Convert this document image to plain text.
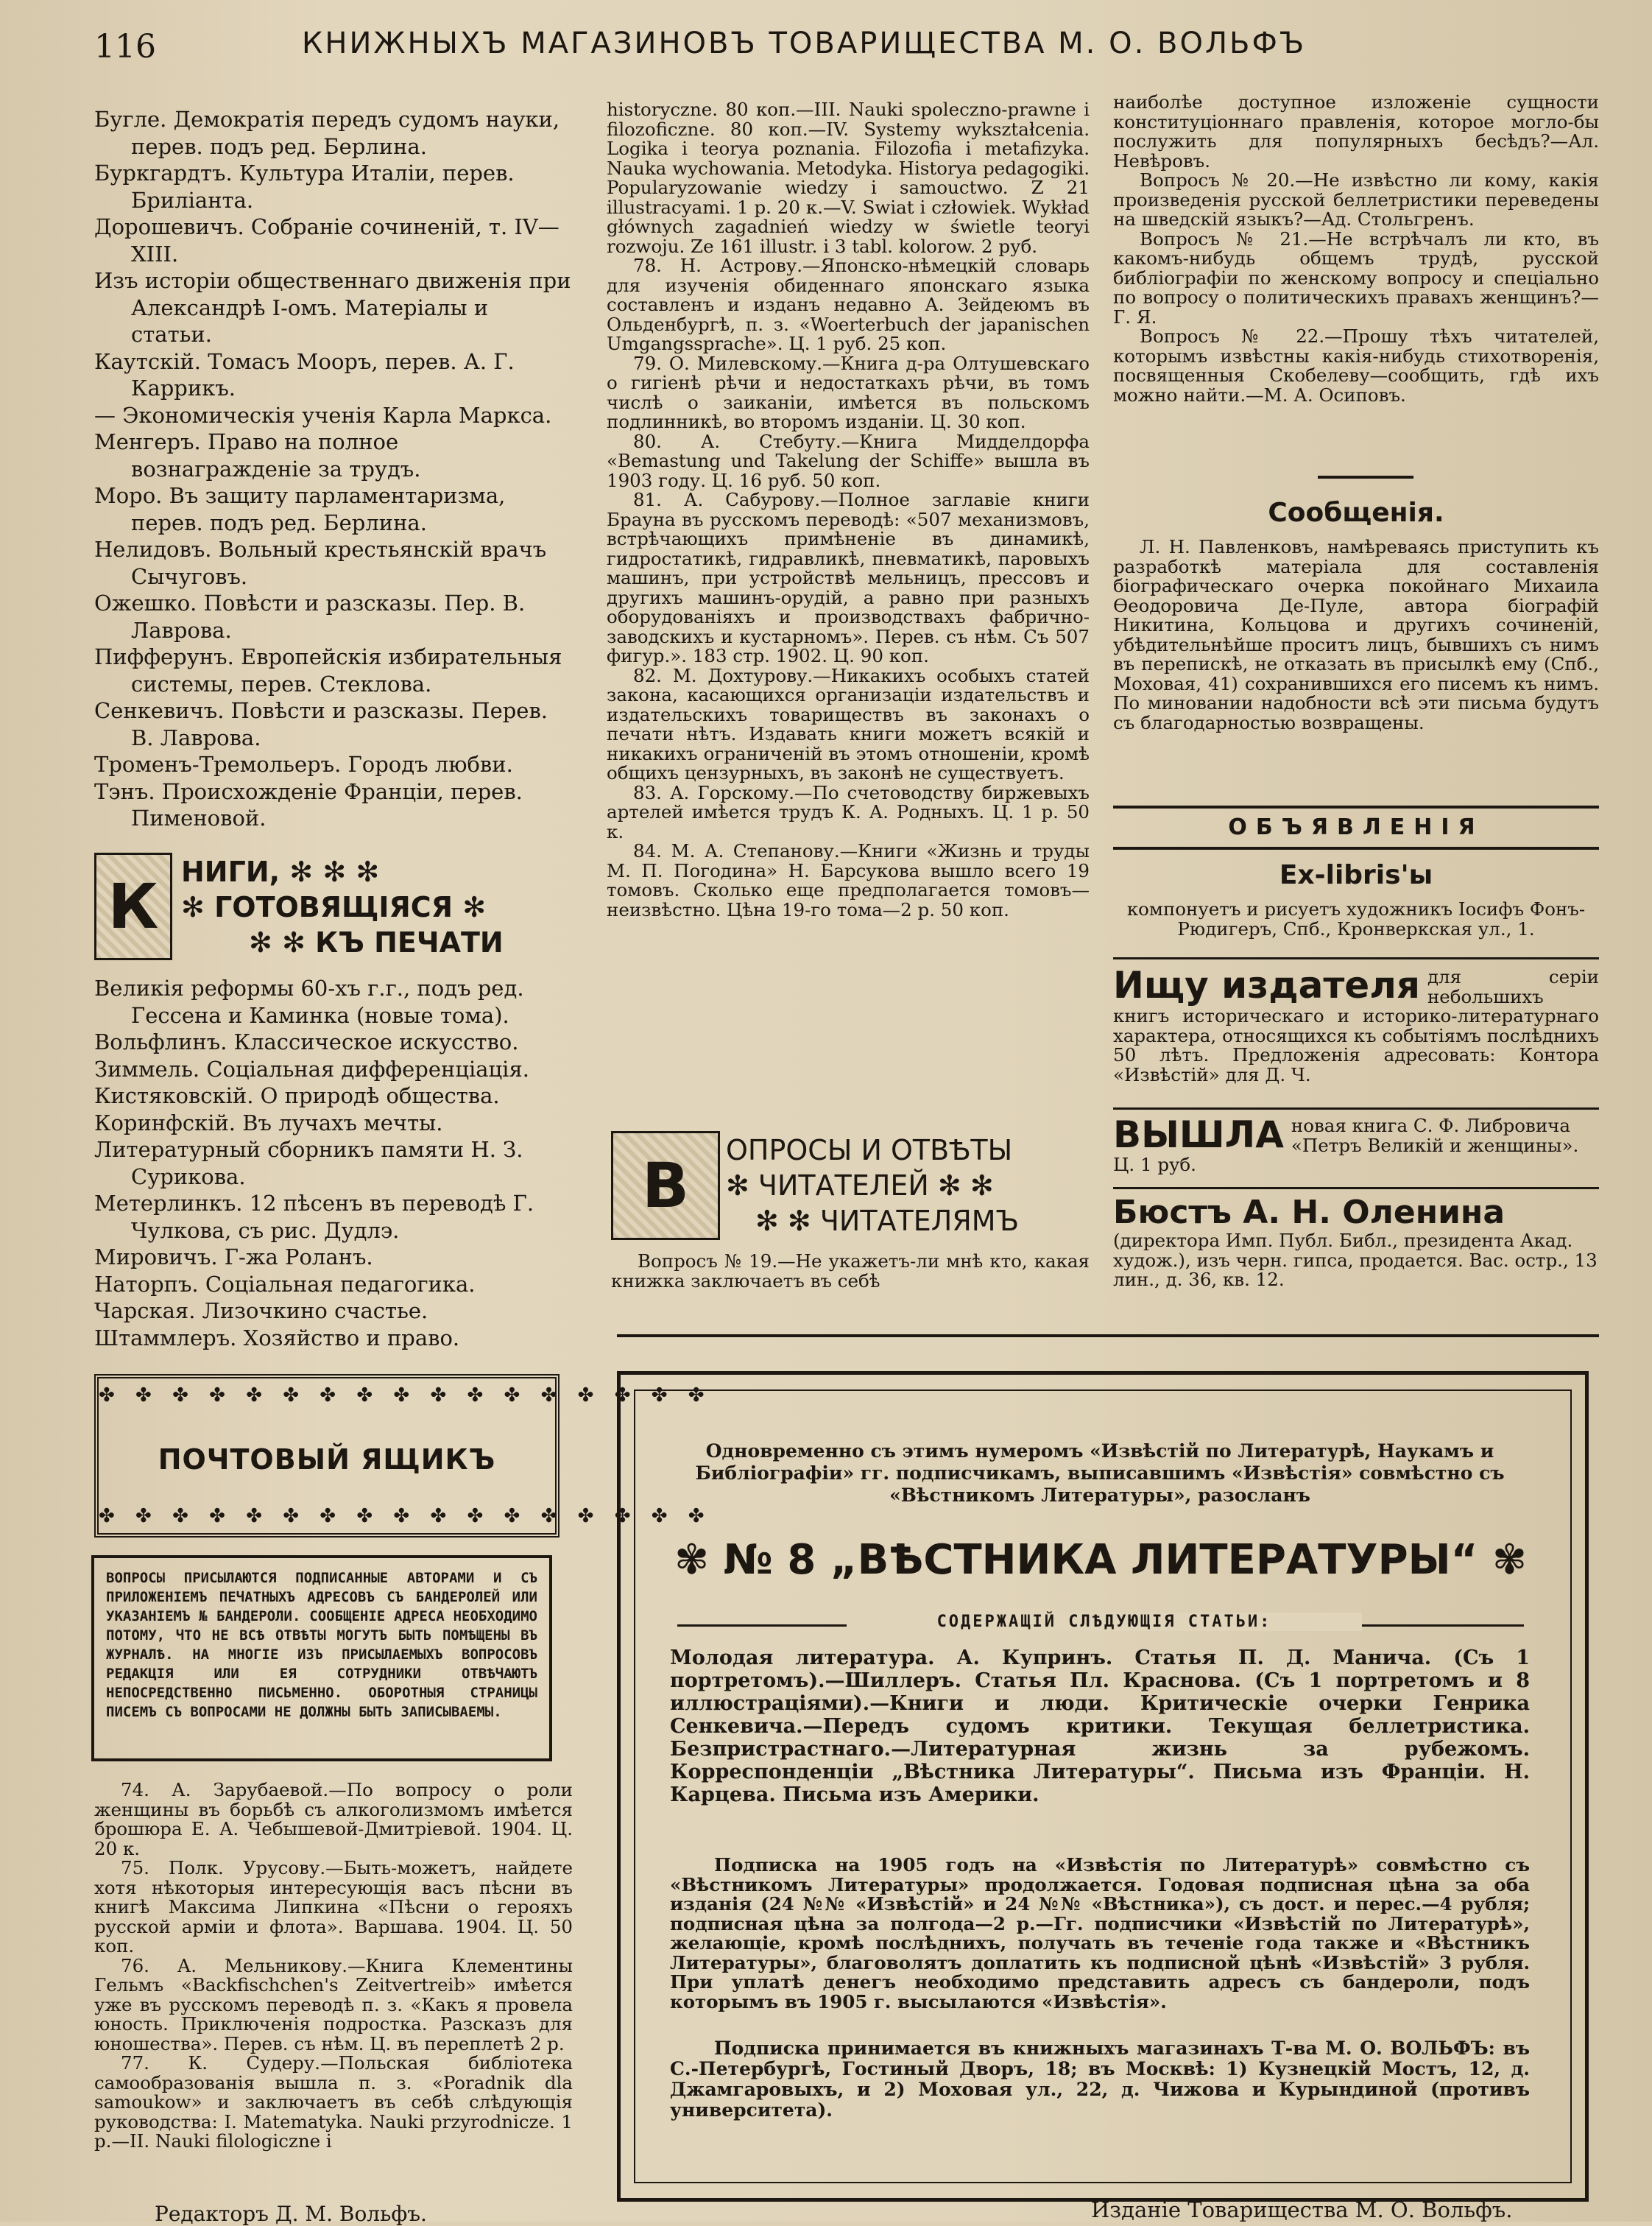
116	КНИЖНЫХЪ МАГАЗИНОВЪ ТОВАРИЩЕСТВА М. О. ВОЛЬФЪ

Бугле. Демократія передъ судомъ науки, перев. подъ ред. Берлина.

Буркгардтъ. Культура Италіи, перев. Бриліанта.

Дорошевичъ. Собраніе сочиненій, т. IV—XIII.

Изъ исторіи общественнаго движенія при Александрѣ I-омъ. Матеріалы и статьи.

Каутскій. Томасъ Мооръ, перев. А. Г. Каррикъ.

— Экономическія ученія Карла Маркса.

Менгеръ. Право на полное вознагражденіе за трудъ.

Моро. Въ защиту парламентаризма, перев. подъ ред. Берлина.

Нелидовъ. Вольный крестьянскій врачъ Сычуговъ.

Ожешко. Повѣсти и разсказы. Пер. В. Лаврова.

Пифферунъ. Европейскія избирательныя системы, перев. Стеклова.

Сенкевичъ. Повѣсти и разсказы. Перев. В. Лаврова.

Троменъ-Тремольеръ. Городъ любви.

Тэнъ. Происхожденіе Франціи, перев. Пименовой.

К НИГИ, ✻ ✻ ✻
✻ ГОТОВЯЩІЯСЯ ✻
✻ ✻ КЪ ПЕЧАТИ

Великія реформы 60-хъ г.г., подъ ред. Гессена и Каминка (новые тома).

Вольфлинъ. Классическое искусство.

Зиммель. Соціальная дифференціація.

Кистяковскій. О природѣ общества.

Коринфскій. Въ лучахъ мечты.

Литературный сборникъ памяти Н. З. Сурикова.

Метерлинкъ. 12 пѣсенъ въ переводѣ Г. Чулкова, съ рис. Дудлэ.

Мировичъ. Г-жа Роланъ.

Наторпъ. Соціальная педагогика.

Чарская. Лизочкино счастье.

Штаммлеръ. Хозяйство и право.

✤ ✤ ✤ ✤ ✤ ✤ ✤ ✤ ✤ ✤ ✤ ✤ ✤ ✤ ✤ ✤ ✤
ПОЧТОВЫЙ ЯЩИКЪ
✤ ✤ ✤ ✤ ✤ ✤ ✤ ✤ ✤ ✤ ✤ ✤ ✤ ✤ ✤ ✤ ✤
ВОПРОСЫ ПРИСЫЛАЮТСЯ ПОДПИСАННЫЕ АВТОРАМИ И СЪ ПРИЛОЖЕНІЕМЪ ПЕЧАТНЫХЪ АДРЕСОВЪ СЪ БАНДЕРОЛЕЙ ИЛИ УКАЗАНІЕМЪ № БАНДЕРОЛИ. СООБЩЕНІЕ АДРЕСА НЕОБХОДИМО ПОТОМУ, ЧТО НЕ ВСѢ ОТВѢТЫ МОГУТЪ БЫТЬ ПОМѢЩЕНЫ ВЪ ЖУРНАЛѢ. НА МНОГІЕ ИЗЪ ПРИСЫЛАЕМЫХЪ ВОПРОСОВЪ РЕДАКЦІЯ ИЛИ ЕЯ СОТРУДНИКИ ОТВѢЧАЮТЪ НЕПОСРЕДСТВЕННО ПИСЬМЕННО. ОБОРОТНЫЯ СТРАНИЦЫ ПИСЕМЪ СЪ ВОПРОСАМИ НЕ ДОЛЖНЫ БЫТЬ ЗАПИСЫВАЕМЫ.

74. А. Зарубаевой.—По вопросу о роли женщины въ борьбѣ съ алкоголизмомъ имѣется брошюра Е. А. Чебышевой-Дмитріевой. 1904. Ц. 20 к.

75. Полк. Урусову.—Быть-можетъ, найдете хотя нѣкоторыя интересующія васъ пѣсни въ книгѣ Максима Липкина «Пѣсни о герояхъ русской арміи и флота». Варшава. 1904. Ц. 50 коп.

76. А. Мельникову.—Книга Клементины Гельмъ «Backfischchen's Zeitvertreib» имѣется уже въ русскомъ переводѣ п. з. «Какъ я провела юность. Приключенія подростка. Разсказъ для юношества». Перев. съ нѣм. Ц. въ переплетѣ 2 р.

77. К. Судеру.—Польская библіотека самообразованія вышла п. з. «Poradnik dla samoukow» и заключаетъ въ себѣ слѣдующія руководства: I. Matematyka. Nauki przyrodnicze. 1 р.—II. Nauki filologiczne i

historyczne. 80 коп.—III. Nauki spoleczno-prawne i filozoficzne. 80 коп.—IV. Systemy wykształcenia. Logika i teorya poznania. Filozofia i metafizyka. Nauka wychowania. Metodyka. Historya pedagogiki. Popularyzowanie wiedzy i samouctwo. Z 21 illustracyami. 1 р. 20 к.—V. Swiat i człowiek. Wykład głównych zagadnień wiedzy w świetle teoryi rozwoju. Ze 161 illustr. i 3 tabl. kolorow. 2 руб.

78. Н. Астрову.—Японско-нѣмецкій словарь для изученія обиденнаго японскаго языка составленъ и изданъ недавно А. Зейдеюмъ въ Ольденбургѣ, п. з. «Woerterbuch der japanischen Umgangssprache». Ц. 1 руб. 25 коп.

79. О. Милевскому.—Книга д-ра Олтушевскаго о гигіенѣ рѣчи и недостаткахъ рѣчи, въ томъ числѣ о заиканіи, имѣется въ польскомъ подлинникѣ, во второмъ изданіи. Ц. 30 коп.

80. А. Стебуту.—Книга Мидделдорфа «Bemastung und Takelung der Schiffe» вышла въ 1903 году. Ц. 16 руб. 50 коп.

81. А. Сабурову.—Полное заглавіе книги Брауна въ русскомъ переводѣ: «507 механизмовъ, встрѣчающихъ примѣненіе въ динамикѣ, гидростатикѣ, гидравликѣ, пневматикѣ, паровыхъ машинъ, при устройствѣ мельницъ, прессовъ и другихъ машинъ-орудій, а равно при разныхъ оборудованіяхъ и производствахъ фабрично-заводскихъ и кустарномъ». Перев. съ нѣм. Съ 507 фигур.». 183 стр. 1902. Ц. 90 коп.

82. М. Дохтурову.—Никакихъ особыхъ статей закона, касающихся организаціи издательствъ и издательскихъ товариществъ въ законахъ о печати нѣтъ. Издавать книги можетъ всякій и никакихъ ограниченій въ этомъ отношеніи, кромѣ общихъ цензурныхъ, въ законѣ не существуетъ.

83. А. Горскому.—По счетоводству биржевыхъ артелей имѣется трудъ К. А. Родныхъ. Ц. 1 р. 50 к.

84. М. А. Степанову.—Книги «Жизнь и труды М. П. Погодина» Н. Барсукова вышло всего 19 томовъ. Сколько еще предполагается томовъ—неизвѣстно. Цѣна 19-го тома—2 р. 50 коп.

В	ОПРОСЫ И ОТВѢТЫ
✻ ЧИТАТЕЛЕЙ ✻ ✻
✻ ✻ ЧИТАТЕЛЯМЪ

Вопросъ № 19.—Не укажетъ-ли мнѣ кто, какая книжка заключаетъ въ себѣ

наиболѣе доступное изложеніе сущности конституціоннаго правленія, которое могло-бы послужить для популярныхъ бесѣдъ?—Ал. Невѣровъ.

Вопросъ № 20.—Не извѣстно ли кому, какія произведенія русской беллетристики переведены на шведскій языкъ?—Ад. Стольгренъ.

Вопросъ № 21.—Не встрѣчалъ ли кто, въ какомъ-нибудь общемъ трудѣ, русской библіографіи по женскому вопросу и спеціально по вопросу о политическихъ правахъ женщинъ?—Г. Я.

Вопросъ № 22.—Прошу тѣхъ читателей, которымъ извѣстны какія-нибудь стихотворенія, посвященныя Скобелеву—сообщить, гдѣ ихъ можно найти.—М. А. Осиповъ.

Сообщенія.

Л. Н. Павленковъ, намѣреваясь приступить къ разработкѣ матеріала для составленія біографическаго очерка покойнаго Михаила Ѳеодоровича Де-Пуле, автора біографій Никитина, Кольцова и другихъ сочиненій, убѣдительнѣйше проситъ лицъ, бывшихъ съ нимъ въ перепискѣ, не отказать въ присылкѣ ему (Спб., Моховая, 41) сохранившихся его писемъ къ нимъ. По миновании надобности всѣ эти письма будутъ съ благодарностью возвращены.

ОБЪЯВЛЕНІЯ
Ex-libris'ы
компонуетъ и рисуетъ художникъ Іосифъ Фонъ-Рюдигеръ, Спб., Кронверкская ул., 1.
Ищу издателя для серіи небольшихъ книгъ историческаго и историко-литературнаго характера, относящихся къ событіямъ послѣднихъ 50 лѣтъ. Предложенія адресовать: Контора «Извѣстій» для Д. Ч.
ВЫШЛА новая книга С. Ф. Либровича «Петръ Великій и женщины». Ц. 1 руб.
Бюстъ А. Н. Оленина (директора Имп. Публ. Библ., президента Акад. худож.), изъ черн. гипса, продается. Вас. остр., 13 лин., д. 36, кв. 12.
Одновременно съ этимъ нумеромъ «Извѣстій по Литературѣ, Наукамъ и Библіографіи» гг. подписчикамъ, выписавшимъ «Извѣстія» совмѣстно съ «Вѣстникомъ Литературы», разосланъ
✾ № 8 „ВѢСТНИКА ЛИТЕРАТУРЫ“ ✾
СОДЕРЖАЩІЙ СЛѢДУЮЩІЯ СТАТЬИ:
Молодая литература. А. Купринъ. Статья П. Д. Манича. (Съ 1 портретомъ).—Шиллеръ. Статья Пл. Краснова. (Съ 1 портретомъ и 8 иллюстраціями).—Книги и люди. Критическіе очерки Генрика Сенкевича.—Передъ судомъ критики. Текущая беллетристика. Безпристрастнаго.—Литературная жизнь за рубежомъ. Корреспонденціи „Вѣстника Литературы“. Письма изъ Франціи. Н. Карцева. Письма изъ Америки.
Подписка на 1905 годъ на «Извѣстія по Литературѣ» совмѣстно съ «Вѣстникомъ Литературы» продолжается. Годовая подписная цѣна за оба изданія (24 №№ «Извѣстій» и 24 №№ «Вѣстника»), съ дост. и перес.—4 рубля; подписная цѣна за полгода—2 р.—Гг. подписчики «Извѣстій по Литературѣ», желающіе, кромѣ послѣднихъ, получать въ теченіе года также и «Вѣстникъ Литературы», благоволятъ доплатить къ подписной цѣнѣ «Извѣстій» 3 рубля. При уплатѣ денегъ необходимо представить адресъ съ бандероли, подъ которымъ въ 1905 г. высылаются «Извѣстія».
Подписка принимается въ книжныхъ магазинахъ Т-ва М. О. ВОЛЬФЪ: въ С.-Петербургѣ, Гостиный Дворъ, 18; въ Москвѣ: 1) Кузнецкій Мостъ, 12, д. Джамгаровыхъ, и 2) Моховая ул., 22, д. Чижова и Курындиной (противъ университета).
Редакторъ Д. М. Вольфъ.	Изданіе Товарищества М. О. Вольфъ.
